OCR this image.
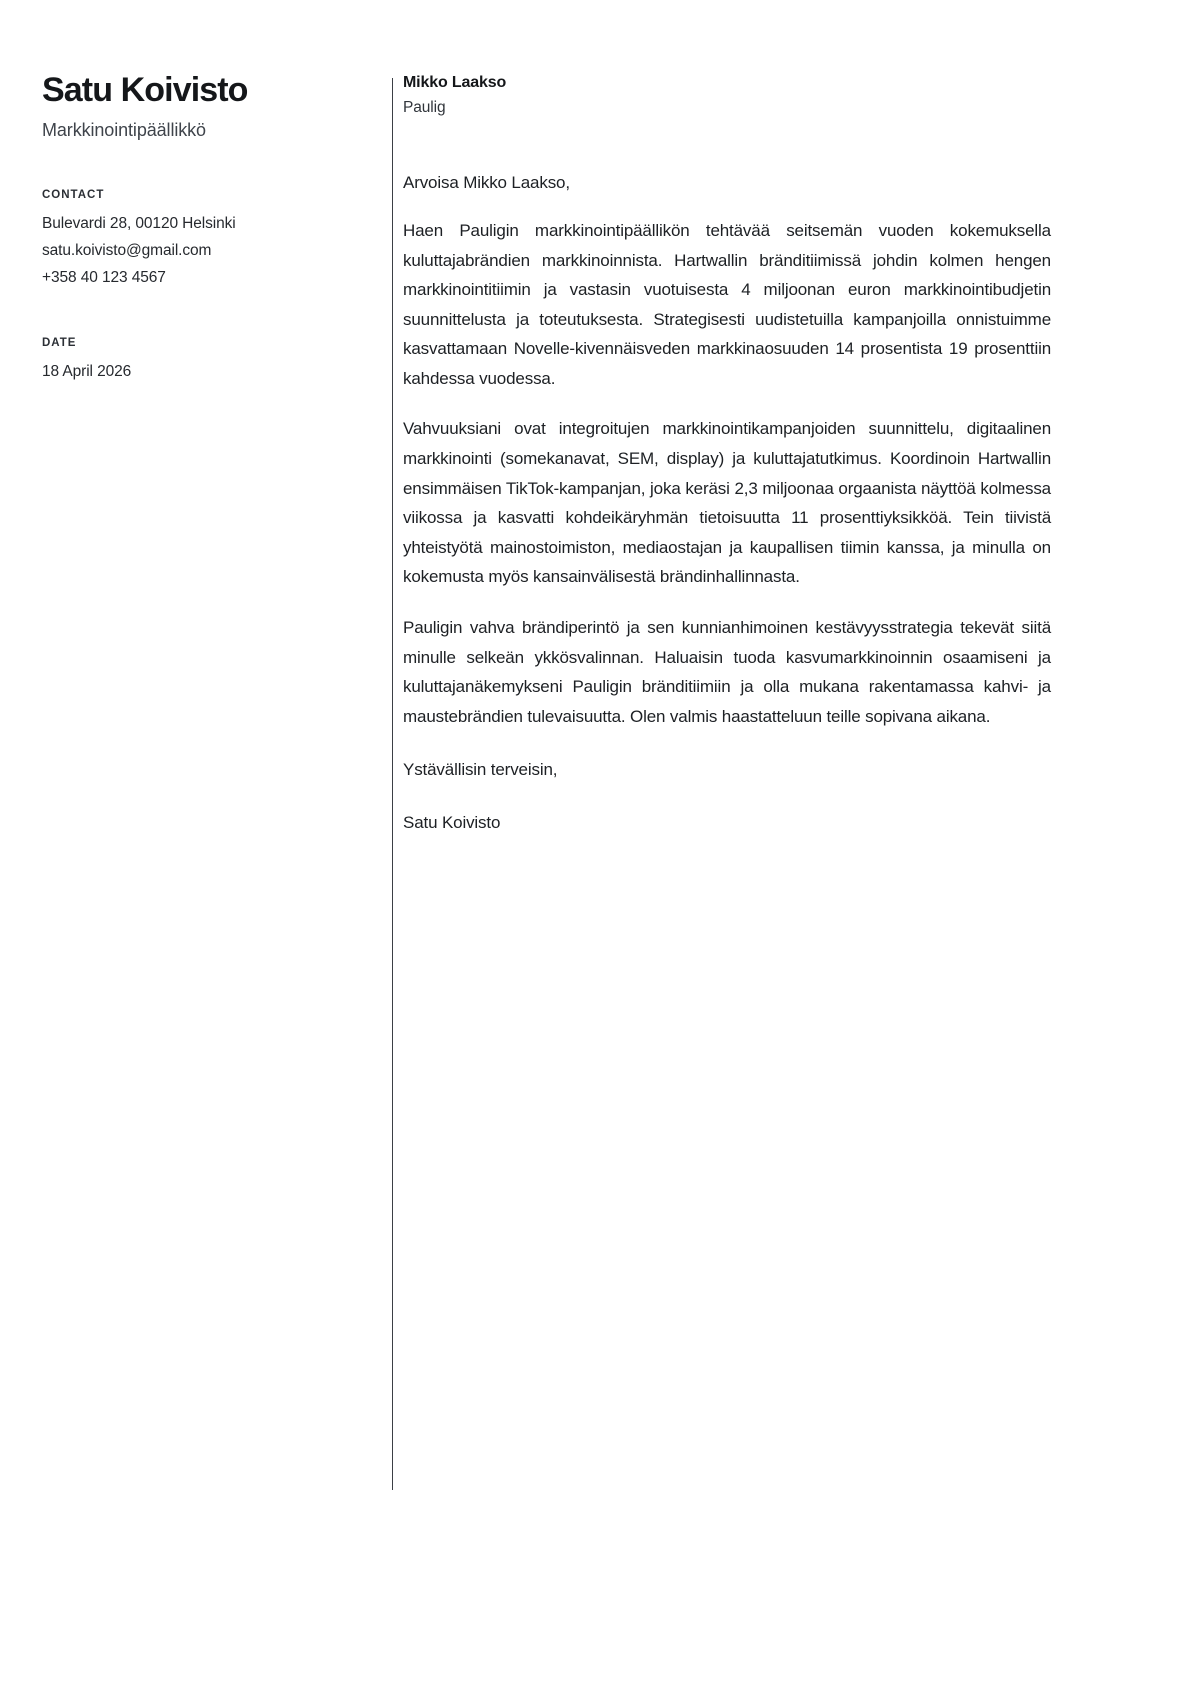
Satu Koivisto

Markkinointipäällikkö

CONTACT

Bulevardi 28, 00120 Helsinki
satu.koivisto@gmail.com
+358 40 123 4567

DATE

18 April 2026

Mikko Laakso

Paulig

Arvoisa Mikko Laakso,

Haen Pauligin markkinointipäällikön tehtävää seitsemän vuoden kokemuksella kuluttajabrändien markkinoinnista. Hartwallin bränditiimissä johdin kolmen hengen markkinointitiimin ja vastasin vuotuisesta 4 miljoonan euron markkinointibudjetin suunnittelusta ja toteutuksesta. Strategisesti uudistetuilla kampanjoilla onnistuimme kasvattamaan Novelle-kivennäisveden markkinaosuuden 14 prosentista 19 prosenttiin kahdessa vuodessa.

Vahvuuksiani ovat integroitujen markkinointikampanjoiden suunnittelu, digitaalinen markkinointi (somekanavat, SEM, display) ja kuluttajatutkimus. Koordinoin Hartwallin ensimmäisen TikTok-kampanjan, joka keräsi 2,3 miljoonaa orgaanista näyttöä kolmessa viikossa ja kasvatti kohdeikäryhmän tietoisuutta 11 prosenttiyksikköä. Tein tiivistä yhteistyötä mainostoimiston, mediaostajan ja kaupallisen tiimin kanssa, ja minulla on kokemusta myös kansainvälisestä brändinhallinnasta.

Pauligin vahva brändiperintö ja sen kunnianhimoinen kestävyysstrategia tekevät siitä minulle selkeän ykkösvalinnan. Haluaisin tuoda kasvumarkkinoinnin osaamiseni ja kuluttajanäkemykseni Pauligin bränditiimiin ja olla mukana rakentamassa kahvi- ja maustebrändien tulevaisuutta. Olen valmis haastatteluun teille sopivana aikana.

Ystävällisin terveisin,

Satu Koivisto
